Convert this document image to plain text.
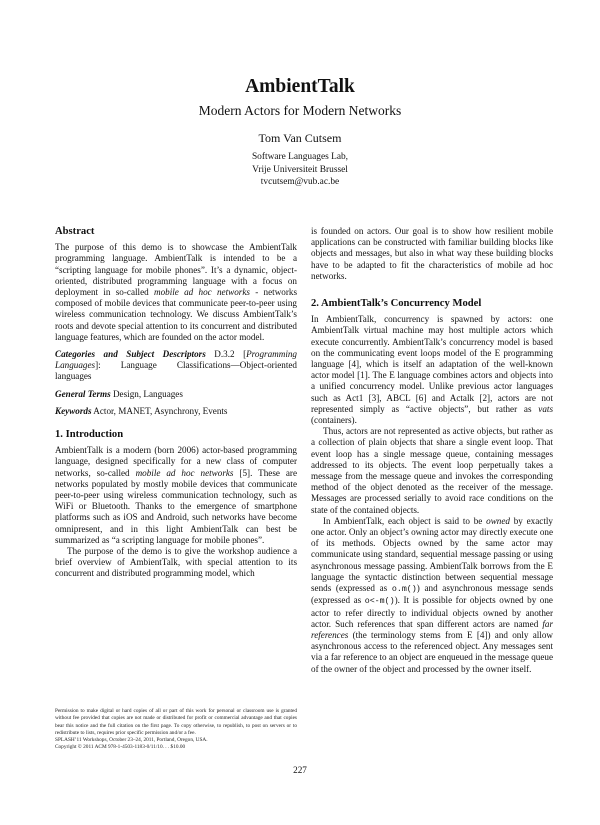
AmbientTalk
Modern Actors for Modern Networks
Tom Van Cutsem
Software Languages Lab,
Vrije Universiteit Brussel
tvcutsem@vub.ac.be
Abstract

The purpose of this demo is to showcase the AmbientTalk programming language. AmbientTalk is intended to be a “scripting language for mobile phones”. It’s a dynamic, object-oriented, distributed programming language with a focus on deployment in so-called mobile ad hoc networks - networks composed of mobile devices that communicate peer-to-peer using wireless communication technology. We discuss AmbientTalk’s roots and devote special attention to its concurrent and distributed language features, which are founded on the actor model.

Categories and Subject Descriptors D.3.2 [Programming Languages]: Language Classifications—Object-oriented languages

General Terms Design, Languages

Keywords Actor, MANET, Asynchrony, Events

1. Introduction

AmbientTalk is a modern (born 2006) actor-based programming language, designed specifically for a new class of computer networks, so-called mobile ad hoc networks [5]. These are networks populated by mostly mobile devices that communicate peer-to-peer using wireless communication technology, such as WiFi or Bluetooth. Thanks to the emergence of smartphone platforms such as iOS and Android, such networks have become omnipresent, and in this light AmbientTalk can best be summarized as “a scripting language for mobile phones”.

The purpose of the demo is to give the workshop audience a brief overview of AmbientTalk, with special attention to its concurrent and distributed programming model, which

Permission to make digital or hard copies of all or part of this work for personal or classroom use is granted without fee provided that copies are not made or distributed for profit or commercial advantage and that copies bear this notice and the full citation on the first page. To copy otherwise, to republish, to post on servers or to redistribute to lists, requires prior specific permission and/or a fee.

SPLASH’11 Workshops, October 23–24, 2011, Portland, Oregon, USA.

Copyright © 2011 ACM 978-1-4503-1183-0/11/10. . . $10.00

is founded on actors. Our goal is to show how resilient mobile applications can be constructed with familiar building blocks like objects and messages, but also in what way these building blocks have to be adapted to fit the characteristics of mobile ad hoc networks.

2. AmbientTalk’s Concurrency Model

In AmbientTalk, concurrency is spawned by actors: one AmbientTalk virtual machine may host multiple actors which execute concurrently. AmbientTalk’s concurrency model is based on the communicating event loops model of the E programming language [4], which is itself an adaptation of the well-known actor model [1]. The E language combines actors and objects into a unified concurrency model. Unlike previous actor languages such as Act1 [3], ABCL [6] and Actalk [2], actors are not represented simply as “active objects”, but rather as vats (containers).

Thus, actors are not represented as active objects, but rather as a collection of plain objects that share a single event loop. That event loop has a single message queue, containing messages addressed to its objects. The event loop perpetually takes a message from the message queue and invokes the corresponding method of the object denoted as the receiver of the message. Messages are processed serially to avoid race conditions on the state of the contained objects.

In AmbientTalk, each object is said to be owned by exactly one actor. Only an object’s owning actor may directly execute one of its methods. Objects owned by the same actor may communicate using standard, sequential message passing or using asynchronous message passing. AmbientTalk borrows from the E language the syntactic distinction between sequential message sends (expressed as o.m()) and asynchronous message sends (expressed as o<-m()). It is possible for objects owned by one actor to refer directly to individual objects owned by another actor. Such references that span different actors are named far references (the terminology stems from E [4]) and only allow asynchronous access to the referenced object. Any messages sent via a far reference to an object are enqueued in the message queue of the owner of the object and processed by the owner itself.

227
